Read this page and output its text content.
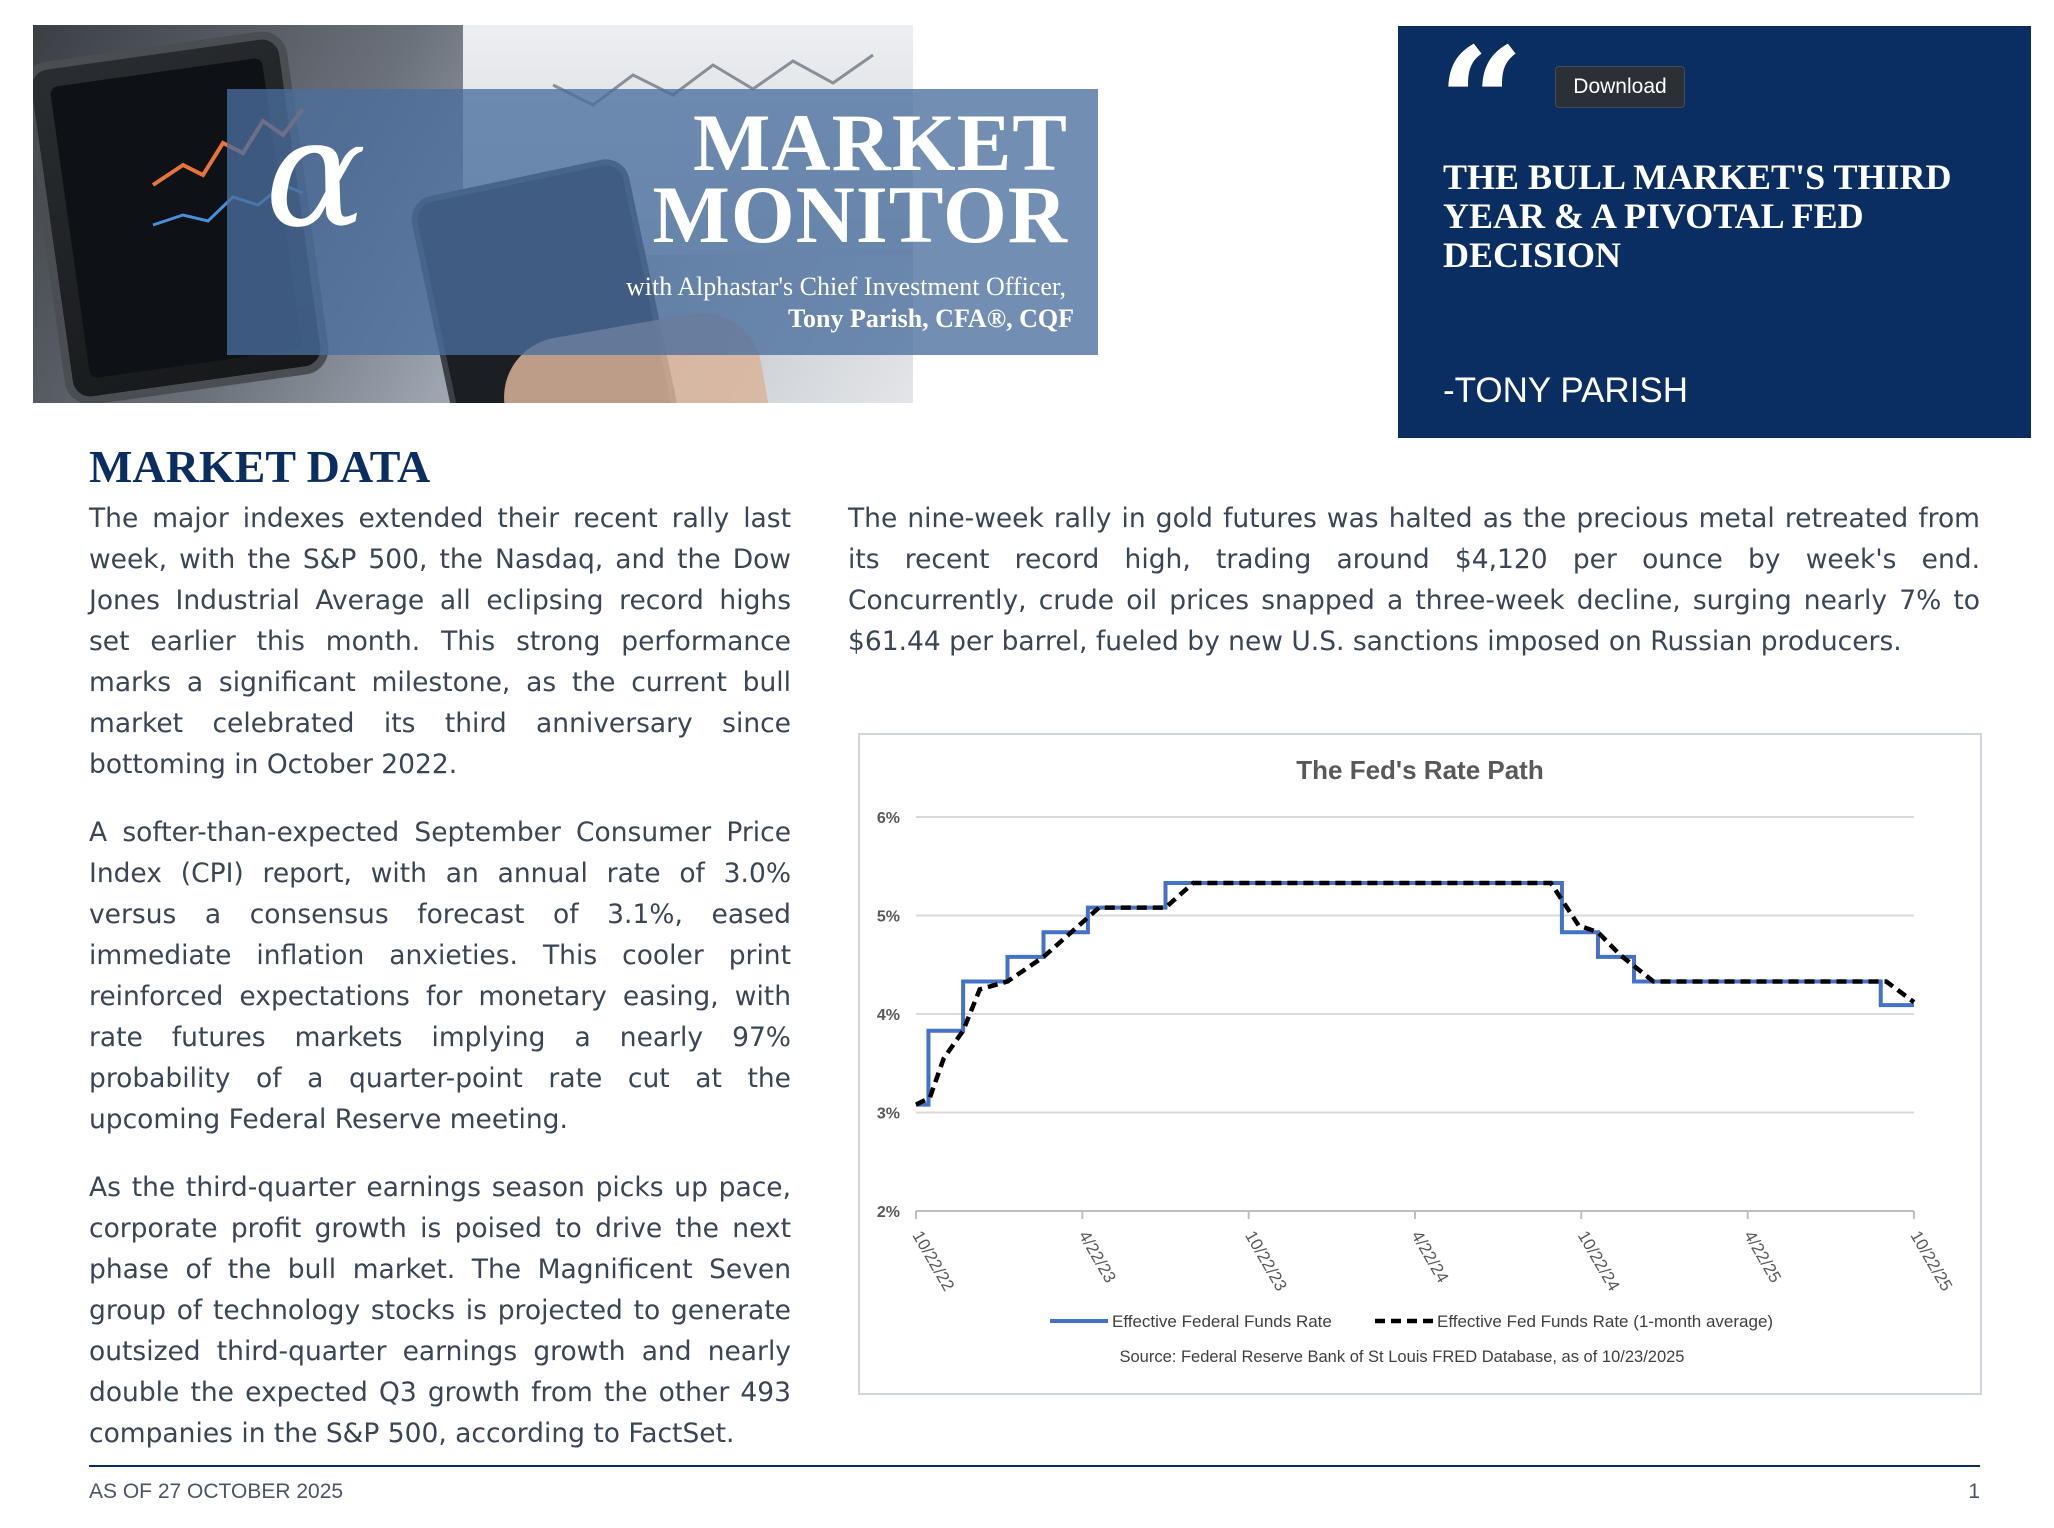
α	MARKET
MONITOR
with Alphastar's Chief Investment Officer,
Tony Parish, CFA®, CQF
“	Download
THE BULL MARKET'S THIRD YEAR & A PIVOTAL FED DECISION
-TONY PARISH
MARKET DATA

The major indexes extended their recent rally last week, with the S&P 500, the Nasdaq, and the Dow Jones Industrial Average all eclipsing record highs set earlier this month. This strong performance marks a significant milestone, as the current bull market celebrated its third anniversary since bottoming in October 2022.

A softer-than-expected September Consumer Price Index (CPI) report, with an annual rate of 3.0% versus a consensus forecast of 3.1%, eased immediate inflation anxieties. This cooler print reinforced expectations for monetary easing, with rate futures markets implying a nearly 97% probability of a quarter-point rate cut at the upcoming Federal Reserve meeting.

As the third-quarter earnings season picks up pace, corporate profit growth is poised to drive the next phase of the bull market. The Magnificent Seven group of technology stocks is projected to generate outsized third-quarter earnings growth and nearly double the expected Q3 growth from the other 493 companies in the S&P 500, according to FactSet.

The nine-week rally in gold futures was halted as the precious metal retreated from its recent record high, trading around $4,120 per ounce by week's end. Concurrently, crude oil prices snapped a three-week decline, surging nearly 7% to $61.44 per barrel, fueled by new U.S. sanctions imposed on Russian producers.

The Fed's Rate Path
2%
3%
4%
5%
6%
10/22/22	4/22/23	10/22/23	4/22/24	10/22/24	4/22/25	10/22/25
Effective Federal Funds Rate	Effective Fed Funds Rate (1-month average)
Source: Federal Reserve Bank of St Louis FRED Database, as of 10/23/2025
AS OF 27 OCTOBER 2025	1
